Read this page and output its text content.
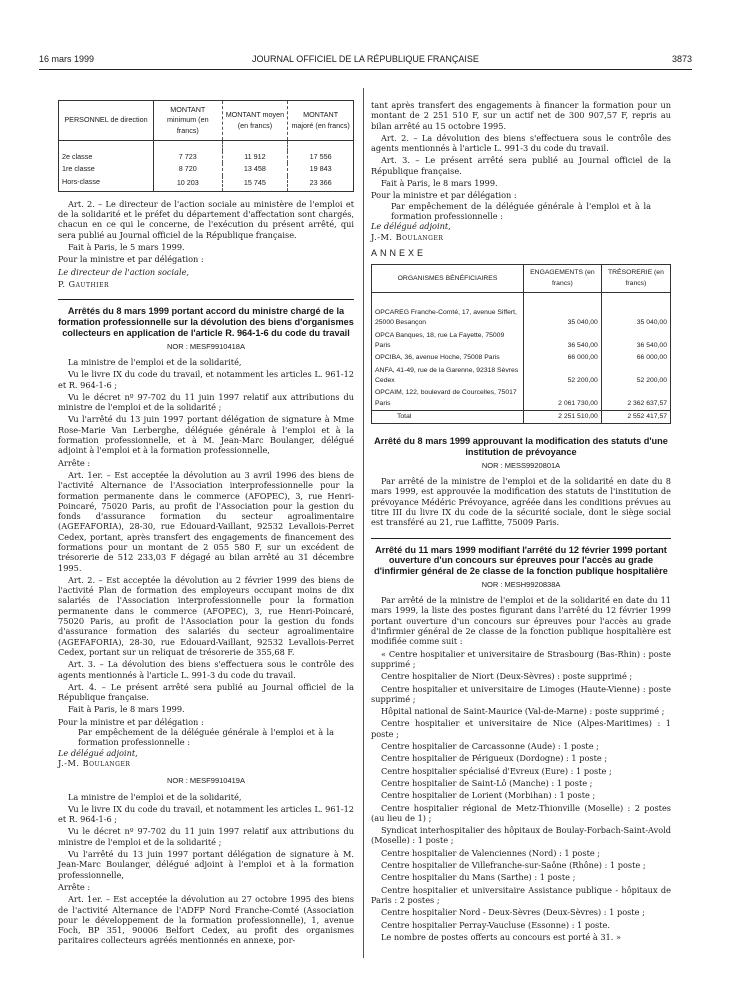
16 mars 1999	JOURNAL OFFICIEL DE LA RÉPUBLIQUE FRANÇAISE	3873
PERSONNEL de direction	MONTANT minimum (en francs)	MONTANT moyen (en francs)	MONTANT majoré (en francs)

2e classe	7 723	11 912	17 556
1re classe	8 720	13 458	19 843
Hors-classe	10 203	15 745	23 366

Art. 2. – Le directeur de l'action sociale au ministère de l'emploi et de la solidarité et le préfet du département d'affectation sont chargés, chacun en ce qui le concerne, de l'exécution du présent arrêté, qui sera publié au Journal officiel de la République française.

Fait à Paris, le 5 mars 1999.

Pour la ministre et par délégation :

Le directeur de l'action sociale,

P. Gauthier

Arrêtés du 8 mars 1999 portant accord du ministre chargé de la formation professionnelle sur la dévolution des biens d'organismes collecteurs en application de l'article R. 964-1-6 du code du travail
NOR : MESF9910418A

La ministre de l'emploi et de la solidarité,

Vu le livre IX du code du travail, et notamment les articles L. 961-12 et R. 964-1-6 ;

Vu le décret nº 97-702 du 11 juin 1997 relatif aux attributions du ministre de l'emploi et de la solidarité ;

Vu l'arrêté du 13 juin 1997 portant délégation de signature à Mme Rose-Marie Van Lerberghe, déléguée générale à l'emploi et à la formation professionnelle, et à M. Jean-Marc Boulanger, délégué adjoint à l'emploi et à la formation professionnelle,

Arrête :

Art. 1er. – Est acceptée la dévolution au 3 avril 1996 des biens de l'activité Alternance de l'Association interprofessionnelle pour la formation permanente dans le commerce (AFOPEC), 3, rue Henri-Poincaré, 75020 Paris, au profit de l'Association pour la gestion du fonds d'assurance formation du secteur agroalimentaire (AGEFAFORIA), 28-30, rue Edouard-Vaillant, 92532 Levallois-Perret Cedex, portant, après transfert des engagements de financement des formations pour un montant de 2 055 580 F, sur un excédent de trésorerie de 512 233,03 F dégagé au bilan arrêté au 31 décembre 1995.

Art. 2. – Est acceptée la dévolution au 2 février 1999 des biens de l'activité Plan de formation des employeurs occupant moins de dix salariés de l'Association interprofessionnelle pour la formation permanente dans le commerce (AFOPEC), 3, rue Henri-Poincaré, 75020 Paris, au profit de l'Association pour la gestion du fonds d'assurance formation des salariés du secteur agroalimentaire (AGEFAFORIA), 28-30, rue Edouard-Vaillant, 92532 Levallois-Perret Cedex, portant sur un reliquat de trésorerie de 355,68 F.

Art. 3. – La dévolution des biens s'effectuera sous le contrôle des agents mentionnés à l'article L. 991-3 du code du travail.

Art. 4. – Le présent arrêté sera publié au Journal officiel de la République française.

Fait à Paris, le 8 mars 1999.

Pour la ministre et par délégation :

Par empêchement de la déléguée générale à l'emploi et à la formation professionnelle :

Le délégué adjoint,

J.-M. Boulanger

NOR : MESF9910419A

La ministre de l'emploi et de la solidarité,

Vu le livre IX du code du travail, et notamment les articles L. 961-12 et R. 964-1-6 ;

Vu le décret nº 97-702 du 11 juin 1997 relatif aux attributions du ministre de l'emploi et de la solidarité ;

Vu l'arrêté du 13 juin 1997 portant délégation de signature à M. Jean-Marc Boulanger, délégué adjoint à l'emploi et à la formation professionnelle,

Arrête :

Art. 1er. – Est acceptée la dévolution au 27 octobre 1995 des biens de l'activité Alternance de l'ADFP Nord Franche-Comté (Association pour le développement de la formation professionnelle), 1, avenue Foch, BP 351, 90006 Belfort Cedex, au profit des organismes paritaires collecteurs agréés mentionnés en annexe, por-

tant après transfert des engagements à financer la formation pour un montant de 2 251 510 F, sur un actif net de 300 907,57 F, repris au bilan arrêté au 15 octobre 1995.

Art. 2. – La dévolution des biens s'effectuera sous le contrôle des agents mentionnés à l'article L. 991-3 du code du travail.

Art. 3. – Le présent arrêté sera publié au Journal officiel de la République française.

Fait à Paris, le 8 mars 1999.

Pour la ministre et par délégation :

Par empêchement de la déléguée générale à l'emploi et à la formation professionnelle :

Le délégué adjoint,

J.-M. Boulanger

ANNEXE

ORGANISMES BÉNÉFICIAIRES	ENGAGEMENTS (en francs)	TRÉSORERIE (en francs)

OPCAREG Franche-Comté, 17, avenue Siffert, 25000 Besançon	35 040,00	35 040,00
OPCA Banques, 18, rue La Fayette, 75009 Paris	36 540,00	36 540,00
OPCIBA, 36, avenue Hoche, 75008 Paris	66 000,00	66 000,00
ANFA, 41-49, rue de la Garenne, 92318 Sèvres Cedex	52 200,00	52 200,00
OPCAIM, 122, boulevard de Courcelles, 75017 Paris	2 061 730,00	2 362 637,57
Total	2 251 510,00	2 552 417,57
Arrêté du 8 mars 1999 approuvant la modification des statuts d'une institution de prévoyance
NOR : MESS9920801A

Par arrêté de la ministre de l'emploi et de la solidarité en date du 8 mars 1999, est approuvée la modification des statuts de l'institution de prévoyance Médéric Prévoyance, agréée dans les conditions prévues au titre III du livre IX du code de la sécurité sociale, dont le siège social est transféré au 21, rue Laffitte, 75009 Paris.

Arrêté du 11 mars 1999 modifiant l'arrêté du 12 février 1999 portant ouverture d'un concours sur épreuves pour l'accès au grade d'infirmier général de 2e classe de la fonction publique hospitalière
NOR : MESH9920838A

Par arrêté de la ministre de l'emploi et de la solidarité en date du 11 mars 1999, la liste des postes figurant dans l'arrêté du 12 février 1999 portant ouverture d'un concours sur épreuves pour l'accès au grade d'infirmier général de 2e classe de la fonction publique hospitalière est modifiée comme suit :

« Centre hospitalier et universitaire de Strasbourg (Bas-Rhin) : poste supprimé ;

Centre hospitalier de Niort (Deux-Sèvres) : poste supprimé ;

Centre hospitalier et universitaire de Limoges (Haute-Vienne) : poste supprimé ;

Hôpital national de Saint-Maurice (Val-de-Marne) : poste supprimé ;

Centre hospitalier et universitaire de Nice (Alpes-Maritimes) : 1 poste ;

Centre hospitalier de Carcassonne (Aude) : 1 poste ;

Centre hospitalier de Périgueux (Dordogne) : 1 poste ;

Centre hospitalier spécialisé d'Evreux (Eure) : 1 poste ;

Centre hospitalier de Saint-Lô (Manche) : 1 poste ;

Centre hospitalier de Lorient (Morbihan) : 1 poste ;

Centre hospitalier régional de Metz-Thionville (Moselle) : 2 postes (au lieu de 1) ;

Syndicat interhospitalier des hôpitaux de Boulay-Forbach-Saint-Avold (Moselle) : 1 poste ;

Centre hospitalier de Valenciennes (Nord) : 1 poste ;

Centre hospitalier de Villefranche-sur-Saône (Rhône) : 1 poste ;

Centre hospitalier du Mans (Sarthe) : 1 poste ;

Centre hospitalier et universitaire Assistance publique - hôpitaux de Paris : 2 postes ;

Centre hospitalier Nord - Deux-Sèvres (Deux-Sèvres) : 1 poste ;

Centre hospitalier Perray-Vaucluse (Essonne) : 1 poste.

Le nombre de postes offerts au concours est porté à 31. »
